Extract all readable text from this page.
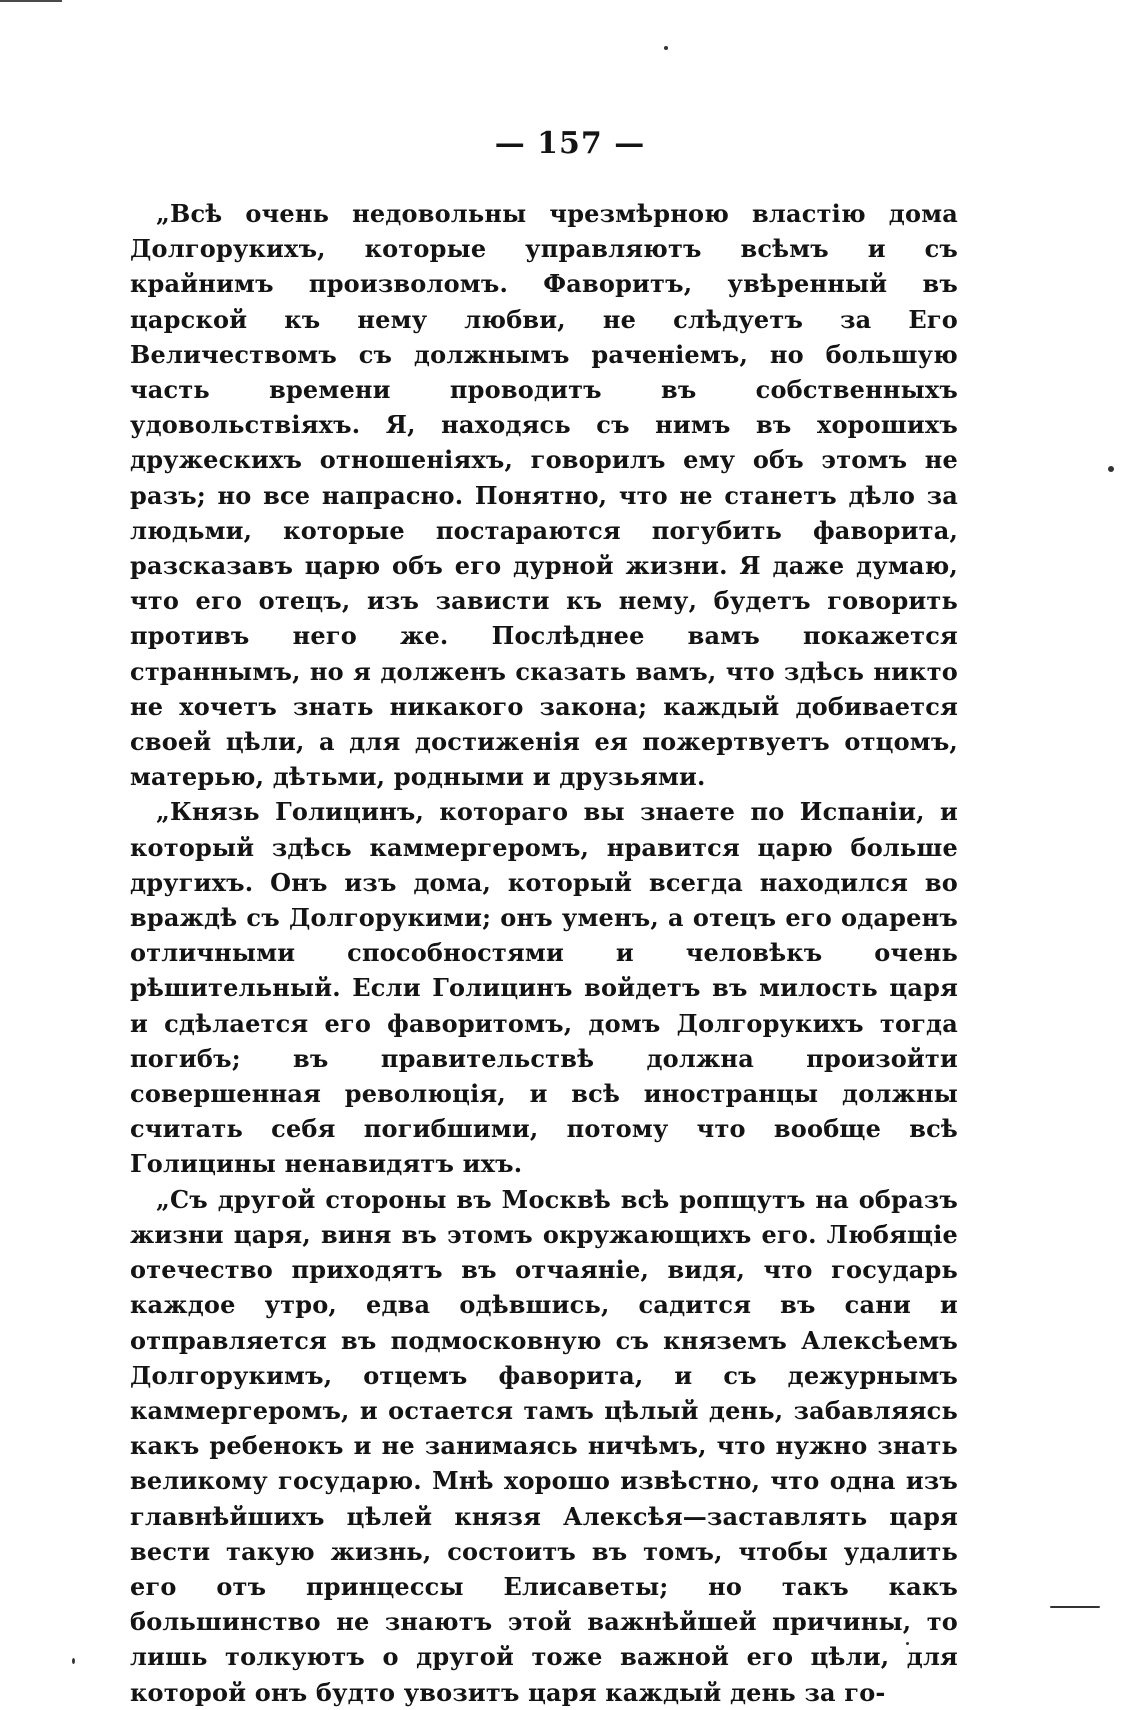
— 157 —

„Всѣ очень недовольны чрезмѣрною властію дома Долгорукихъ, которые управляютъ всѣмъ и съ крайнимъ произволомъ. Фаворитъ, увѣренный въ царской къ нему любви, не слѣдуетъ за Его Величествомъ съ должнымъ раченіемъ, но большую часть времени проводитъ въ собственныхъ удовольствіяхъ. Я, находясь съ нимъ въ хорошихъ дружескихъ отношеніяхъ, говорилъ ему объ этомъ не разъ; но все напрасно. Понятно, что не станетъ дѣло за людьми, которые постараются погубить фаворита, разсказавъ царю объ его дурной жизни. Я даже думаю, что его отецъ, изъ зависти къ нему, будетъ говорить противъ него же. Послѣднее вамъ покажется страннымъ, но я долженъ сказать вамъ, что здѣсь никто не хочетъ знать никакого закона; каждый добивается своей цѣли, а для достиженія ея пожертвуетъ отцомъ, матерью, дѣтьми, родными и друзьями.

„Князь Голицинъ, котораго вы знаете по Испаніи, и который здѣсь каммергеромъ, нравится царю больше другихъ. Онъ изъ дома, который всегда находился во враждѣ съ Долгорукими; онъ уменъ, а отецъ его одаренъ отличными способностями и человѣкъ очень рѣшительный. Если Голицинъ войдетъ въ милость царя и сдѣлается его фаворитомъ, домъ Долгорукихъ тогда погибъ; въ правительствѣ должна произойти совершенная революція, и всѣ иностранцы должны считать себя погибшими, потому что вообще всѣ Голицины ненавидятъ ихъ.

„Съ другой стороны въ Москвѣ всѣ ропщутъ на образъ жизни царя, виня въ этомъ окружающихъ его. Любящіе отечество приходятъ въ отчаяніе, видя, что государь каждое утро, едва одѣвшись, садится въ сани и отправляется въ подмосковную съ княземъ Алексѣемъ Долгорукимъ, отцемъ фаворита, и съ дежурнымъ каммергеромъ, и остается тамъ цѣлый день, забавляясь какъ ребенокъ и не занимаясь ничѣмъ, что нужно знать великому государю. Мнѣ хорошо извѣстно, что одна изъ главнѣйшихъ цѣлей князя Алексѣя—заставлять царя вести такую жизнь, состоитъ въ томъ, чтобы удалить его отъ принцессы Елисаветы; но такъ какъ большинство не знаютъ этой важнѣйшей причины, то лишь толкуютъ о другой тоже важной его цѣли, для которой онъ будто увозитъ царя каждый день за го-
